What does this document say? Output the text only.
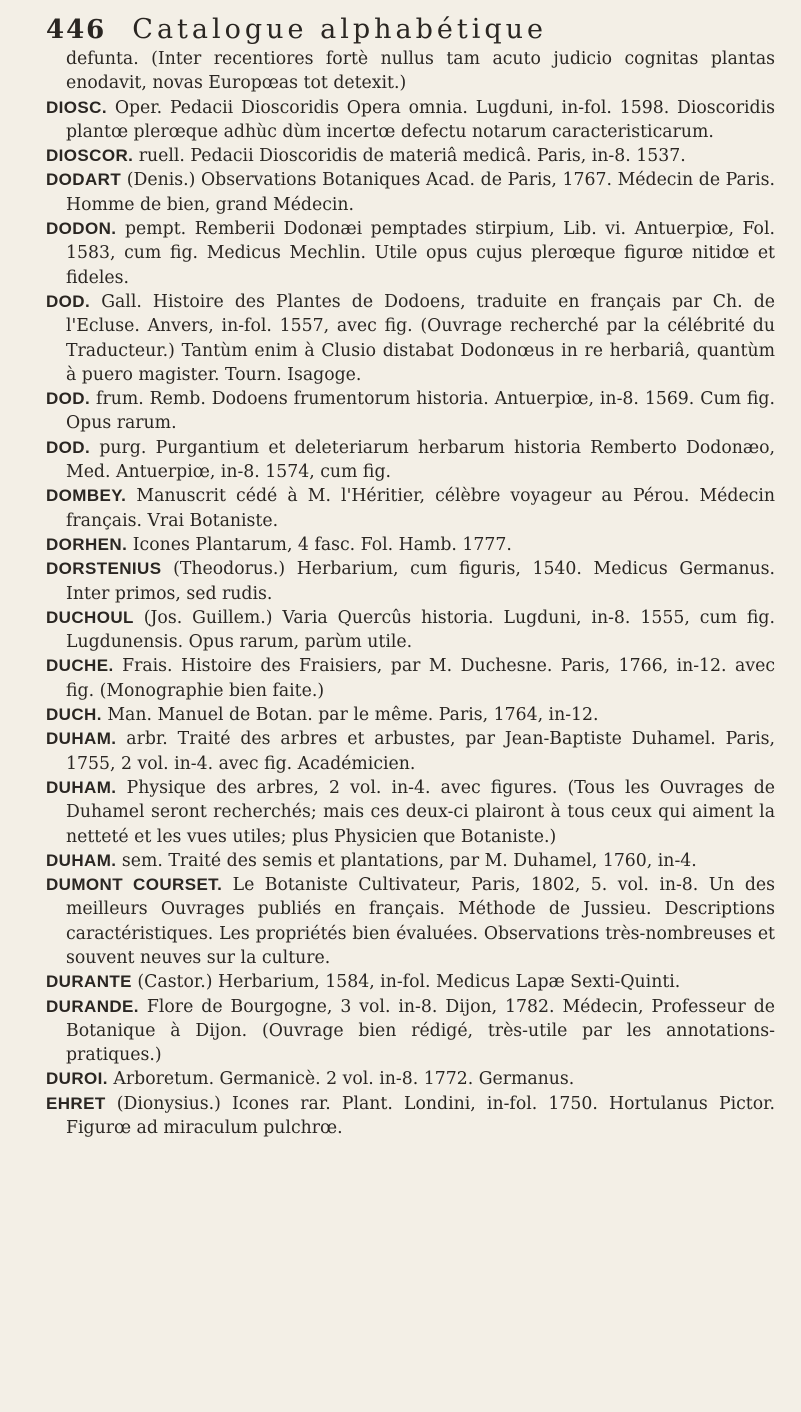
446 Catalogue alphabétique

defunta. (Inter recentiores fortè nullus tam acuto judicio cognitas plantas enodavit, novas Europœas tot detexit.)

DIOSC. Oper. Pedacii Dioscoridis Opera omnia. Lugduni, in-fol. 1598. Dioscoridis plantœ plerœque adhùc dùm incertœ defectu notarum caracteristicarum.

DIOSCOR. ruell. Pedacii Dioscoridis de materiâ medicâ. Paris, in-8. 1537.

DODART (Denis.) Observations Botaniques Acad. de Paris, 1767. Médecin de Paris. Homme de bien, grand Médecin.

DODON. pempt. Remberii Dodonæi pemptades stirpium, Lib. vi. Antuerpiœ, Fol. 1583, cum fig. Medicus Mechlin. Utile opus cujus plerœque figurœ nitidœ et fideles.

DOD. Gall. Histoire des Plantes de Dodoens, traduite en français par Ch. de l'Ecluse. Anvers, in-fol. 1557, avec fig. (Ouvrage recherché par la célébrité du Traducteur.) Tantùm enim à Clusio distabat Dodonœus in re herbariâ, quantùm à puero magister. Tourn. Isagoge.

DOD. frum. Remb. Dodoens frumentorum historia. Antuerpiœ, in-8. 1569. Cum fig. Opus rarum.

DOD. purg. Purgantium et deleteriarum herbarum historia Remberto Dodonæo, Med. Antuerpiœ, in-8. 1574, cum fig.

DOMBEY. Manuscrit cédé à M. l'Héritier, célèbre voyageur au Pérou. Médecin français. Vrai Botaniste.

DORHEN. Icones Plantarum, 4 fasc. Fol. Hamb. 1777.

DORSTENIUS (Theodorus.) Herbarium, cum figuris, 1540. Medicus Germanus. Inter primos, sed rudis.

DUCHOUL (Jos. Guillem.) Varia Quercûs historia. Lugduni, in-8. 1555, cum fig. Lugdunensis. Opus rarum, parùm utile.

DUCHE. Frais. Histoire des Fraisiers, par M. Duchesne. Paris, 1766, in-12. avec fig. (Monographie bien faite.)

DUCH. Man. Manuel de Botan. par le même. Paris, 1764, in-12.

DUHAM. arbr. Traité des arbres et arbustes, par Jean-Baptiste Duhamel. Paris, 1755, 2 vol. in-4. avec fig. Académicien.

DUHAM. Physique des arbres, 2 vol. in-4. avec figures. (Tous les Ouvrages de Duhamel seront recherchés; mais ces deux-ci plairont à tous ceux qui aiment la netteté et les vues utiles; plus Physicien que Botaniste.)

DUHAM. sem. Traité des semis et plantations, par M. Duhamel, 1760, in-4.

DUMONT COURSET. Le Botaniste Cultivateur, Paris, 1802, 5. vol. in-8. Un des meilleurs Ouvrages publiés en français. Méthode de Jussieu. Descriptions caractéristiques. Les propriétés bien évaluées. Observations très-nombreuses et souvent neuves sur la culture.

DURANTE (Castor.) Herbarium, 1584, in-fol. Medicus Lapæ Sexti-Quinti.

DURANDE. Flore de Bourgogne, 3 vol. in-8. Dijon, 1782. Médecin, Professeur de Botanique à Dijon. (Ouvrage bien rédigé, très-utile par les annotations-pratiques.)

DUROI. Arboretum. Germanicè. 2 vol. in-8. 1772. Germanus.

EHRET (Dionysius.) Icones rar. Plant. Londini, in-fol. 1750. Hortulanus Pictor. Figurœ ad miraculum pulchrœ.
